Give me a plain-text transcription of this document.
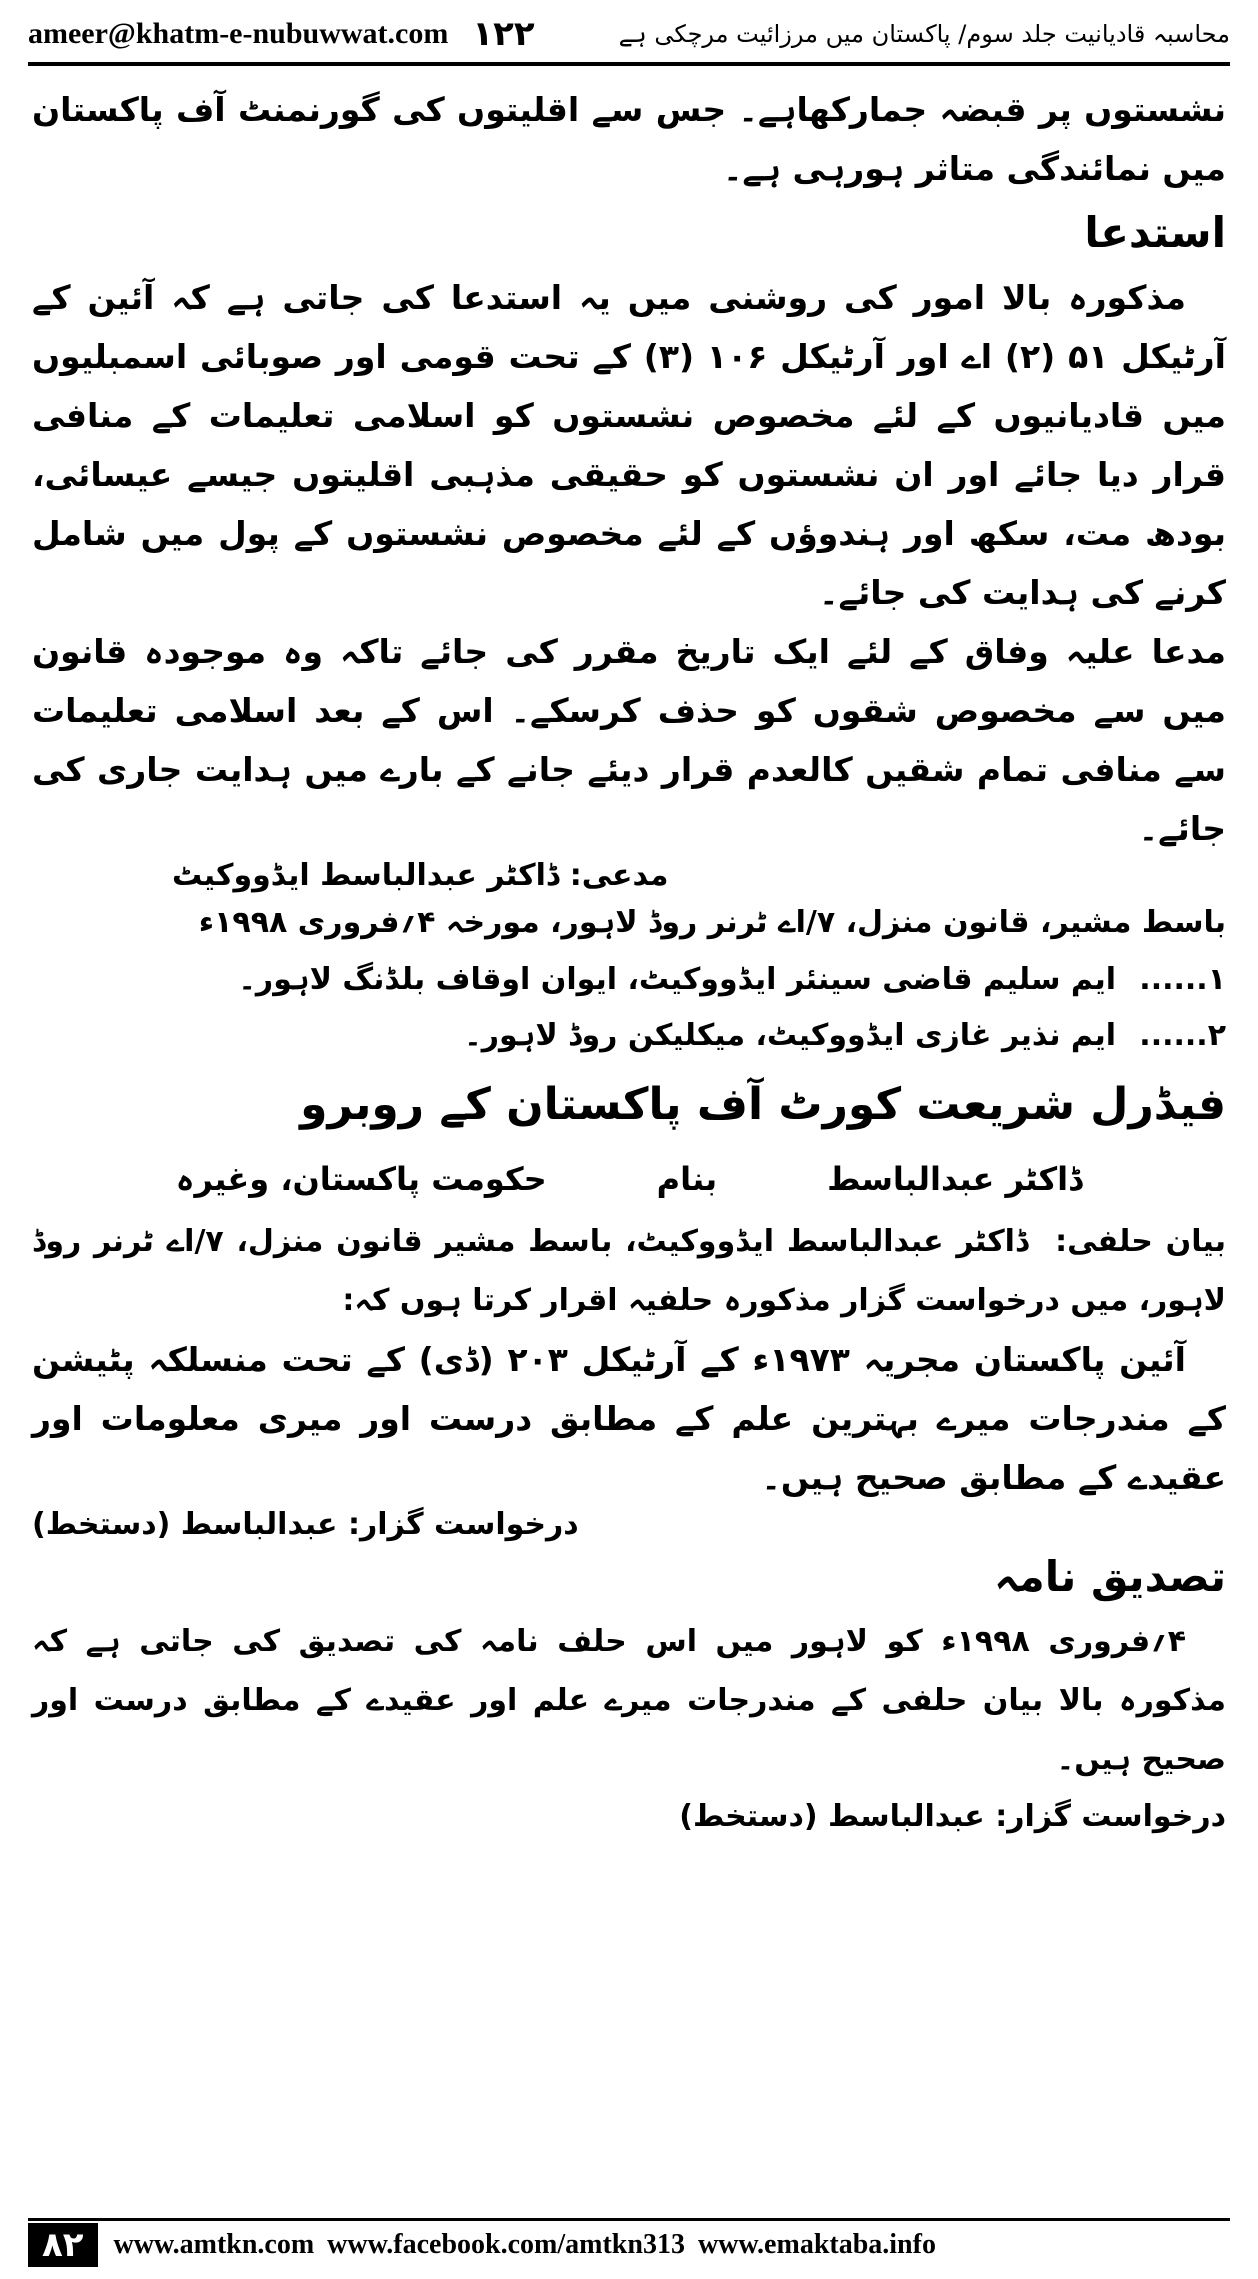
ameer@khatm-e-nubuwwat.com ۱۲۲	محاسبہ قادیانیت جلد سوم/ پاکستان میں مرزائیت مرچکی ہے

نشستوں پر قبضہ جمارکھاہے۔ جس سے اقلیتوں کی گورنمنٹ آف پاکستان میں نمائندگی متاثر ہورہی ہے۔

استدعا

مذکورہ بالا امور کی روشنی میں یہ استدعا کی جاتی ہے کہ آئین کے آرٹیکل ۵۱ (۲) اے اور آرٹیکل ۱۰۶ (۳) کے تحت قومی اور صوبائی اسمبلیوں میں قادیانیوں کے لئے مخصوص نشستوں کو اسلامی تعلیمات کے منافی قرار دیا جائے اور ان نشستوں کو حقیقی مذہبی اقلیتوں جیسے عیسائی، بودھ مت، سکھ اور ہندوؤں کے لئے مخصوص نشستوں کے پول میں شامل کرنے کی ہدایت کی جائے۔

مدعا علیہ وفاق کے لئے ایک تاریخ مقرر کی جائے تاکہ وہ موجودہ قانون میں سے مخصوص شقوں کو حذف کرسکے۔ اس کے بعد اسلامی تعلیمات سے منافی تمام شقیں کالعدم قرار دیئے جانے کے بارے میں ہدایت جاری کی جائے۔

مدعی: ڈاکٹر عبدالباسط ایڈووکیٹ

باسط مشیر، قانون منزل، ۷/اے ٹرنر روڈ لاہور، مورخہ ۴؍فروری ۱۹۹۸ء

۱......
ایم سلیم قاضی سینئر ایڈووکیٹ، ایوان اوقاف بلڈنگ لاہور۔
۲......
ایم نذیر غازی ایڈووکیٹ، میکلیکن روڈ لاہور۔
فیڈرل شریعت کورٹ آف پاکستان کے روبرو
ڈاکٹر عبدالباسط
بنام
حکومت پاکستان، وغیرہ

بیان حلفی: ڈاکٹر عبدالباسط ایڈووکیٹ، باسط مشیر قانون منزل، ۷/اے ٹرنر روڈ لاہور، میں درخواست گزار مذکورہ حلفیہ اقرار کرتا ہوں کہ:

آئین پاکستان مجریہ ۱۹۷۳ء کے آرٹیکل ۲۰۳ (ڈی) کے تحت منسلکہ پٹیشن کے مندرجات میرے بہترین علم کے مطابق درست اور میری معلومات اور عقیدے کے مطابق صحیح ہیں۔

درخواست گزار: عبدالباسط (دستخط)
تصدیق نامہ

۴؍فروری ۱۹۹۸ء کو لاہور میں اس حلف نامہ کی تصدیق کی جاتی ہے کہ مذکورہ بالا بیان حلفی کے مندرجات میرے علم اور عقیدے کے مطابق درست اور صحیح ہیں۔

درخواست گزار: عبدالباسط (دستخط)
۸۲	www.amtkn.com www.facebook.com/amtkn313 www.emaktaba.info
